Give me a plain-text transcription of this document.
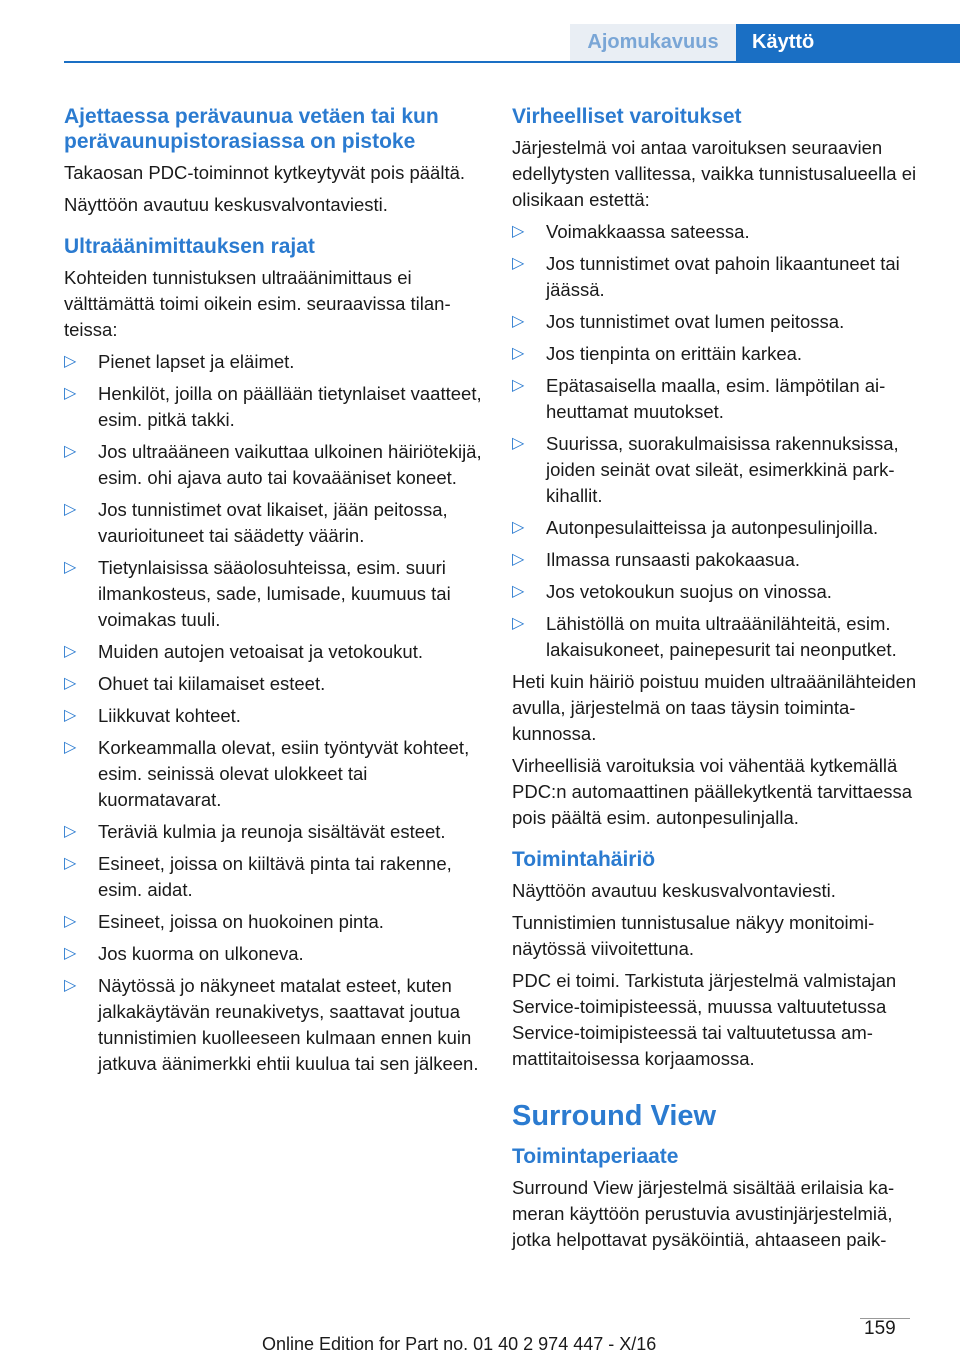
Ajomukavuus	Käyttö
Ajettaessa perävaunua vetäen tai kun perävaunupistorasiassa on pistoke
Takaosan PDC-toiminnot kytkeytyvät pois päältä.
Näyttöön avautuu keskusvalvontaviesti.
Ultraäänimittauksen rajat
Kohteiden tunnistuksen ultraäänimittaus ei välttämättä toimi oikein esim. seuraavissa tilanteissa:
▷ Pienet lapset ja eläimet.
▷ Henkilöt, joilla on päällään tietynlaiset vaatteet, esim. pitkä takki.
▷ Jos ultraääneen vaikuttaa ulkoinen häiriötekijä, esim. ohi ajava auto tai kovaääniset koneet.
▷ Jos tunnistimet ovat likaiset, jään peitossa, vaurioituneet tai säädetty väärin.
▷ Tietynlaisissa sääolosuhteissa, esim. suuri ilmankosteus, sade, lumisade, kuumuus tai voimakas tuuli.
▷ Muiden autojen vetoaisat ja vetokoukut.
▷ Ohuet tai kiilamaiset esteet.
▷ Liikkuvat kohteet.
▷ Korkeammalla olevat, esiin työntyvät kohteet, esim. seinissä olevat ulokkeet tai kuormatavarat.
▷ Teräviä kulmia ja reunoja sisältävät esteet.
▷ Esineet, joissa on kiiltävä pinta tai rakenne, esim. aidat.
▷ Esineet, joissa on huokoinen pinta.
▷ Jos kuorma on ulkoneva.
▷ Näytössä jo näkyneet matalat esteet, kuten jalkakäytävän reunakivetys, saattavat joutua tunnistimien kuolleeseen kulmaan ennen kuin jatkuva äänimerkki ehtii kuulua tai sen jälkeen.
Virheelliset varoitukset
Järjestelmä voi antaa varoituksen seuraavien edellytysten vallitessa, vaikka tunnistusalueella ei olisikaan estettä:
▷ Voimakkaassa sateessa.
▷ Jos tunnistimet ovat pahoin likaantuneet tai jäässä.
▷ Jos tunnistimet ovat lumen peitossa.
▷ Jos tienpinta on erittäin karkea.
▷ Epätasaisella maalla, esim. lämpötilan aiheuttamat muutokset.
▷ Suurissa, suorakulmaisissa rakennuksissa, joiden seinät ovat sileät, esimerkkinä parkkihallit.
▷ Autonpesulaitteissa ja autonpesulinjoilla.
▷ Ilmassa runsaasti pakokaasua.
▷ Jos vetokoukun suojus on vinossa.
▷ Lähistöllä on muita ultraäänilähteitä, esim. lakaisukoneet, painepesurit tai neonputket.
Heti kuin häiriö poistuu muiden ultraäänilähteiden avulla, järjestelmä on taas täysin toimintakunnossa.
Virheellisiä varoituksia voi vähentää kytkemällä PDC:n automaattinen päällekytkentä tarvittaessa pois päältä esim. autonpesulinjalla.
Toimintahäiriö
Näyttöön avautuu keskusvalvontaviesti.
Tunnistimien tunnistusalue näkyy monitoiminäytössä viivoitettuna.
PDC ei toimi. Tarkistuta järjestelmä valmistajan Service-toimipisteessä, muussa valtuutetussa Service-toimipisteessä tai valtuutetussa ammattitaitoisessa korjaamossa.
Surround View
Toimintaperiaate
Surround View järjestelmä sisältää erilaisia kameran käyttöön perustuvia avustinjärjestelmiä, jotka helpottavat pysäköintiä, ahtaaseen paik-
159
Online Edition for Part no. 01 40 2 974 447 - X/16
